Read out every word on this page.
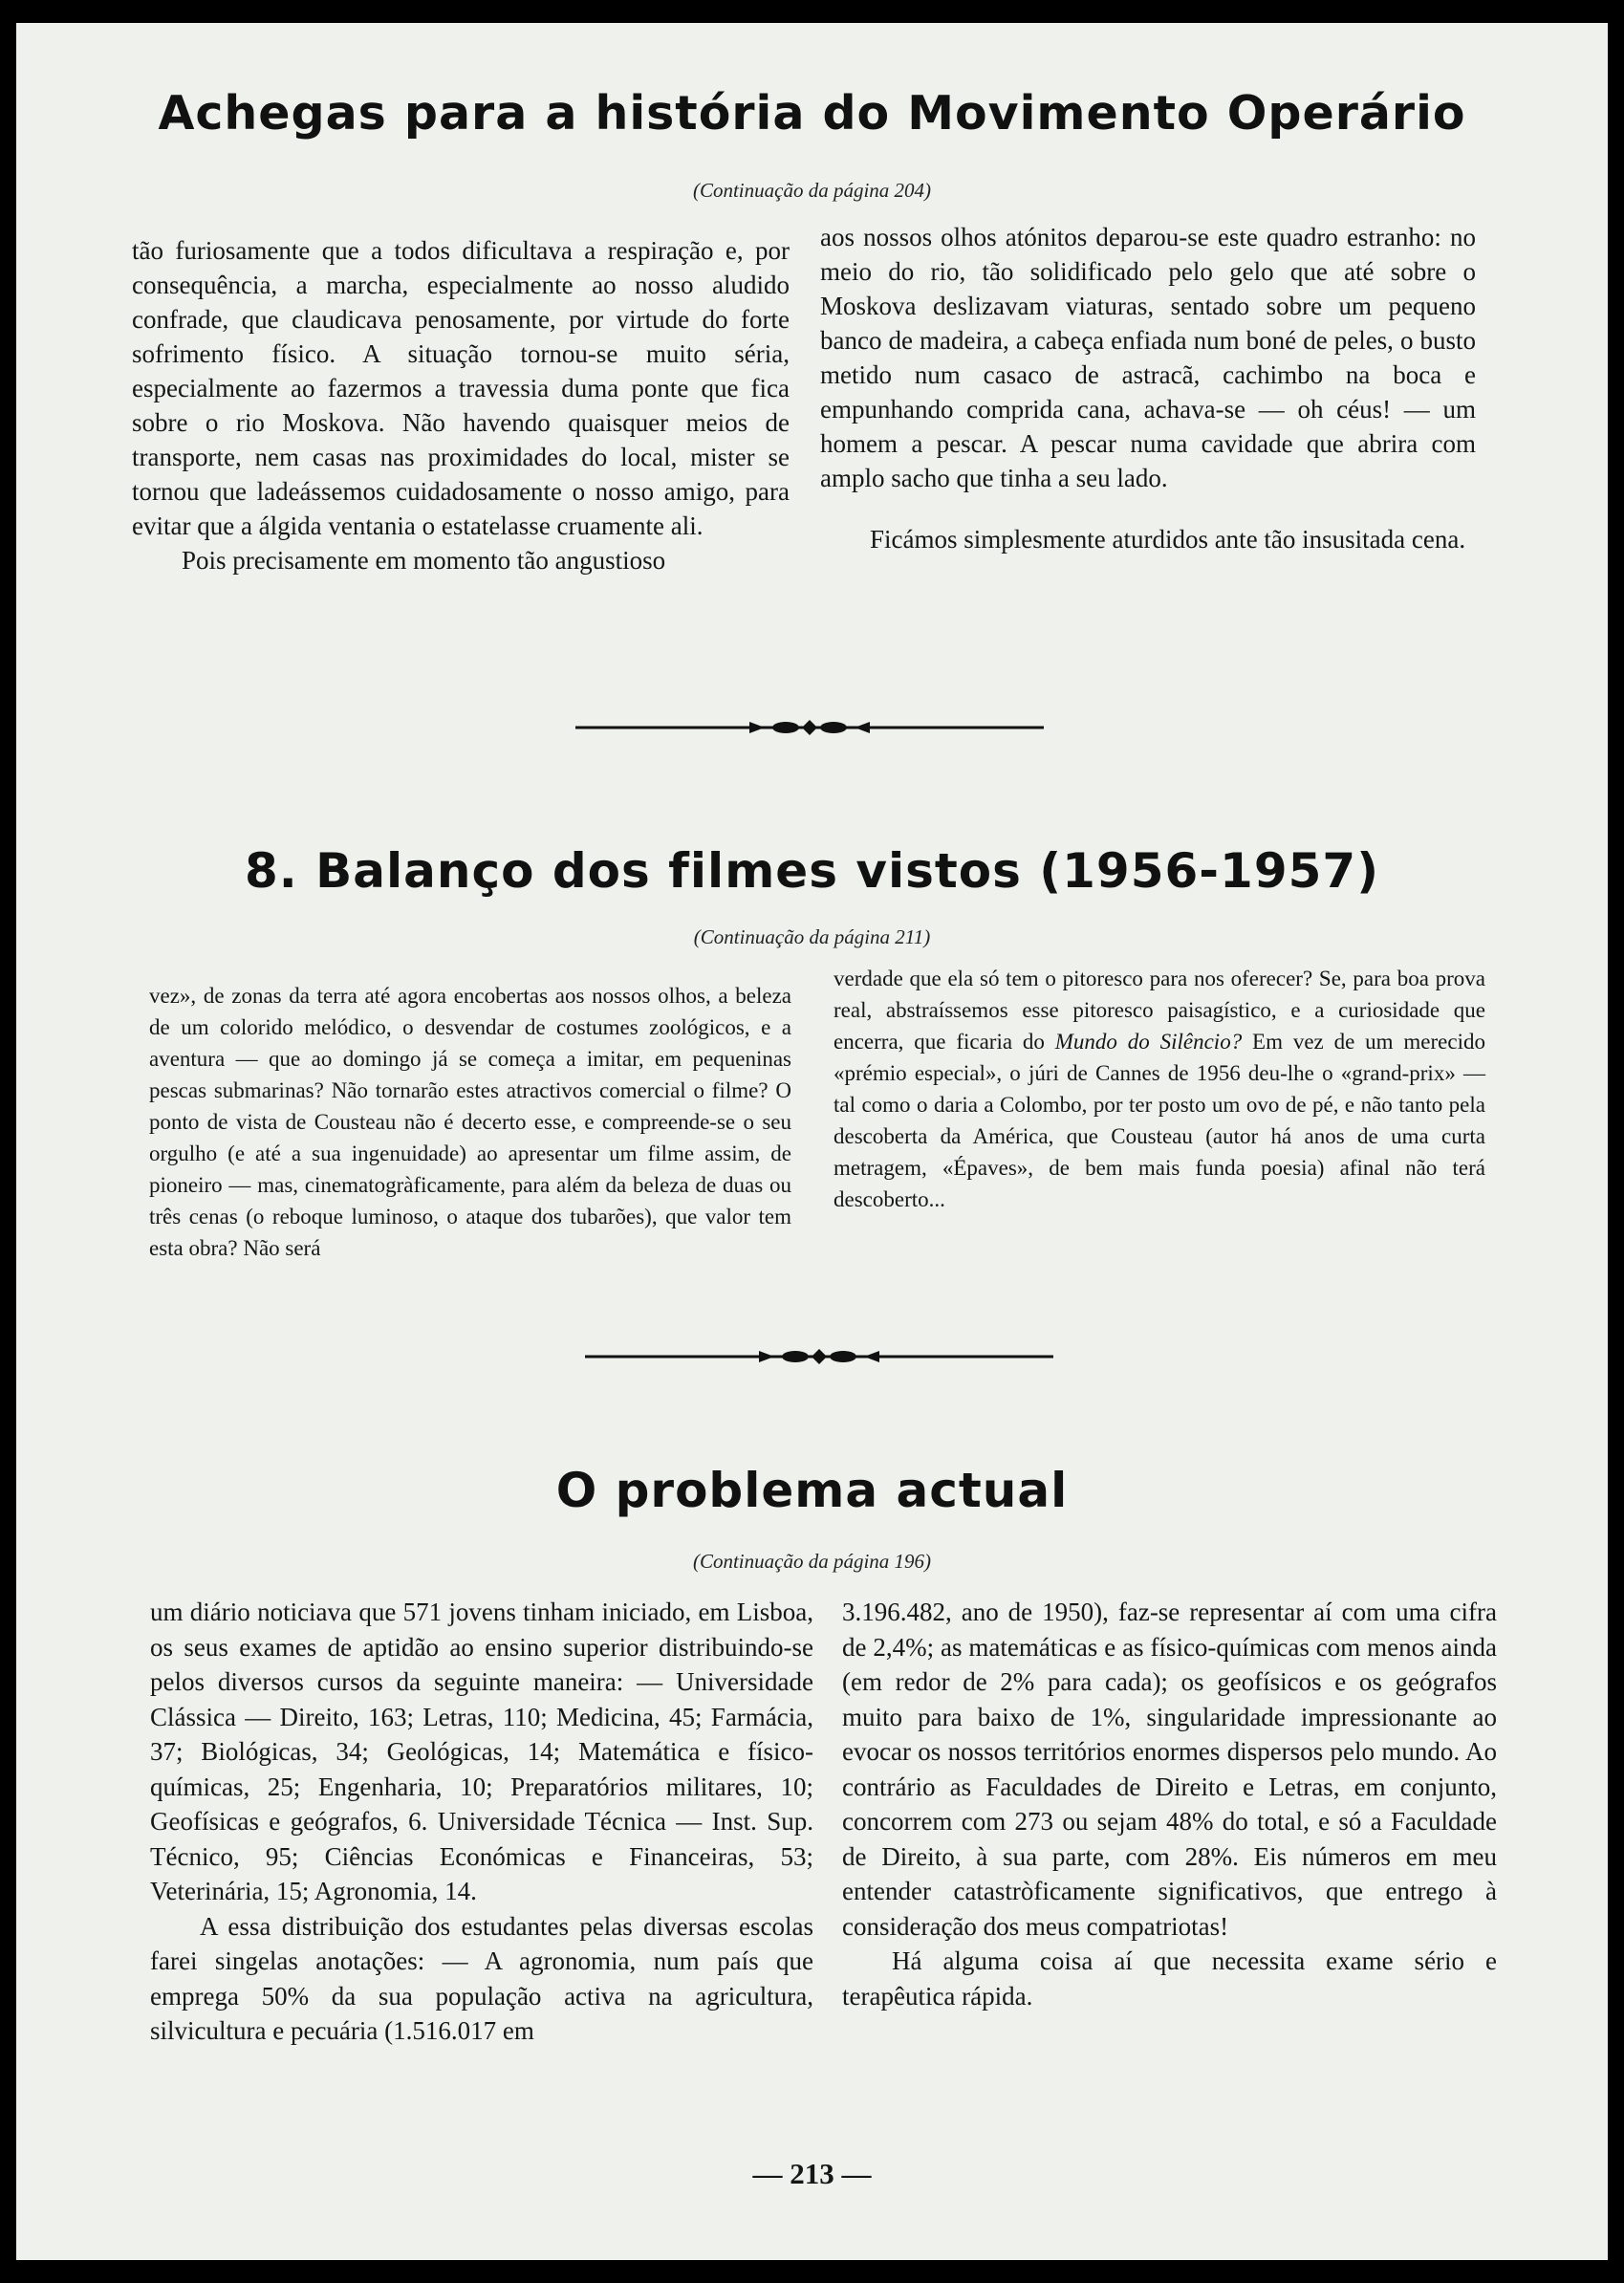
Achegas para a história do Movimento Operário

(Continuação da página 204)

tão furiosamente que a todos dificultava a respiração e, por consequência, a marcha, especialmente ao nosso aludido confrade, que claudicava penosamente, por virtude do forte sofrimento físico. A situação tornou-se muito séria, especialmente ao fazermos a travessia duma ponte que fica sobre o rio Moskova. Não havendo quaisquer meios de transporte, nem casas nas proximidades do local, mister se tornou que ladeássemos cuidadosamente o nosso amigo, para evitar que a álgida ventania o estatelasse cruamente ali.

Pois precisamente em momento tão angustioso

aos nossos olhos atónitos deparou-se este quadro estranho: no meio do rio, tão solidificado pelo gelo que até sobre o Moskova deslizavam viaturas, sentado sobre um pequeno banco de madeira, a cabeça enfiada num boné de peles, o busto metido num casaco de astracã, cachimbo na boca e empunhando comprida cana, achava-se — oh céus! — um homem a pescar. A pescar numa cavidade que abrira com amplo sacho que tinha a seu lado.

Ficámos simplesmente aturdidos ante tão insusitada cena.

8. Balanço dos filmes vistos (1956-1957)

(Continuação da página 211)

vez», de zonas da terra até agora encobertas aos nossos olhos, a beleza de um colorido melódico, o desvendar de costumes zoológicos, e a aventura — que ao domingo já se começa a imitar, em pequeninas pescas submarinas? Não tornarão estes atractivos comercial o filme? O ponto de vista de Cousteau não é decerto esse, e compreende-se o seu orgulho (e até a sua ingenuidade) ao apresentar um filme assim, de pioneiro — mas, cinematogràficamente, para além da beleza de duas ou três cenas (o reboque luminoso, o ataque dos tubarões), que valor tem esta obra? Não será

verdade que ela só tem o pitoresco para nos oferecer? Se, para boa prova real, abstraíssemos esse pitoresco paisagístico, e a curiosidade que encerra, que ficaria do Mundo do Silêncio? Em vez de um merecido «prémio especial», o júri de Cannes de 1956 deu-lhe o «grand-prix» — tal como o daria a Colombo, por ter posto um ovo de pé, e não tanto pela descoberta da América, que Cousteau (autor há anos de uma curta metragem, «Épaves», de bem mais funda poesia) afinal não terá descoberto...

O problema actual

(Continuação da página 196)

um diário noticiava que 571 jovens tinham iniciado, em Lisboa, os seus exames de aptidão ao ensino superior distribuindo-se pelos diversos cursos da seguinte maneira: — Universidade Clássica — Direito, 163; Letras, 110; Medicina, 45; Farmácia, 37; Biológicas, 34; Geológicas, 14; Matemática e físico-químicas, 25; Engenharia, 10; Preparatórios militares, 10; Geofísicas e geógrafos, 6. Universidade Técnica — Inst. Sup. Técnico, 95; Ciências Económicas e Financeiras, 53; Veterinária, 15; Agronomia, 14.

A essa distribuição dos estudantes pelas diversas escolas farei singelas anotações: — A agronomia, num país que emprega 50% da sua população activa na agricultura, silvicultura e pecuária (1.516.017 em

3.196.482, ano de 1950), faz-se representar aí com uma cifra de 2,4%; as matemáticas e as físico-químicas com menos ainda (em redor de 2% para cada); os geofísicos e os geógrafos muito para baixo de 1%, singularidade impressionante ao evocar os nossos territórios enormes dispersos pelo mundo. Ao contrário as Faculdades de Direito e Letras, em conjunto, concorrem com 273 ou sejam 48% do total, e só a Faculdade de Direito, à sua parte, com 28%. Eis números em meu entender catastròficamente significativos, que entrego à consideração dos meus compatriotas!

Há alguma coisa aí que necessita exame sério e terapêutica rápida.

— 213 —
